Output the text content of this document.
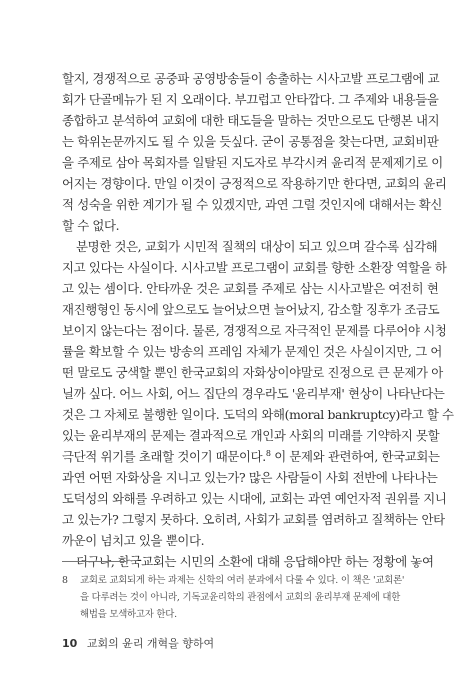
할지, 경쟁적으로 공중파 공영방송들이 송출하는 시사고발 프로그램에 교
회가 단골메뉴가 된 지 오래이다. 부끄럽고 안타깝다. 그 주제와 내용들을
종합하고 분석하여 교회에 대한 태도들을 말하는 것만으로도 단행본 내지
는 학위논문까지도 될 수 있을 듯싶다. 굳이 공통점을 찾는다면, 교회비판
을 주제로 삼아 목회자를 일탈된 지도자로 부각시켜 윤리적 문제제기로 이
어지는 경향이다. 만일 이것이 긍정적으로 작용하기만 한다면, 교회의 윤리
적 성숙을 위한 계기가 될 수 있겠지만, 과연 그럴 것인지에 대해서는 확신
할 수 없다.
분명한 것은, 교회가 시민적 질책의 대상이 되고 있으며 갈수록 심각해
지고 있다는 사실이다. 시사고발 프로그램이 교회를 향한 소환장 역할을 하
고 있는 셈이다. 안타까운 것은 교회를 주제로 삼는 시사고발은 여전히 현
재진행형인 동시에 앞으로도 늘어났으면 늘어났지, 감소할 징후가 조금도
보이지 않는다는 점이다. 물론, 경쟁적으로 자극적인 문제를 다루어야 시청
률을 확보할 수 있는 방송의 프레임 자체가 문제인 것은 사실이지만, 그 어
떤 말로도 궁색할 뿐인 한국교회의 자화상이야말로 진정으로 큰 문제가 아
닐까 싶다. 어느 사회, 어느 집단의 경우라도 '윤리부재' 현상이 나타난다는
것은 그 자체로 불행한 일이다. 도덕의 와해(moral bankruptcy)라고 할 수
있는 윤리부재의 문제는 결과적으로 개인과 사회의 미래를 기약하지 못할
극단적 위기를 초래할 것이기 때문이다.$^8$ 이 문제와 관련하여, 한국교회는
과연 어떤 자화상을 지니고 있는가? 많은 사람들이 사회 전반에 나타나는
도덕성의 와해를 우려하고 있는 시대에, 교회는 과연 예언자적 권위를 지니
고 있는가? 그렇지 못하다. 오히려, 사회가 교회를 염려하고 질책하는 안타
까운이 넘치고 있을 뿐이다.
더구나, 한국교회는 시민의 소환에 대해 응답해야만 하는 정황에 놓여
8 교회로 교회되게 하는 과제는 신학의 여러 분과에서 다룰 수 있다. 이 책은 '교회론'
을 다루려는 것이 아니라, 기독교윤리학의 관점에서 교회의 윤리부재 문제에 대한
해법을 모색하고자 한다.
10 교회의 윤리 개혁을 향하여
